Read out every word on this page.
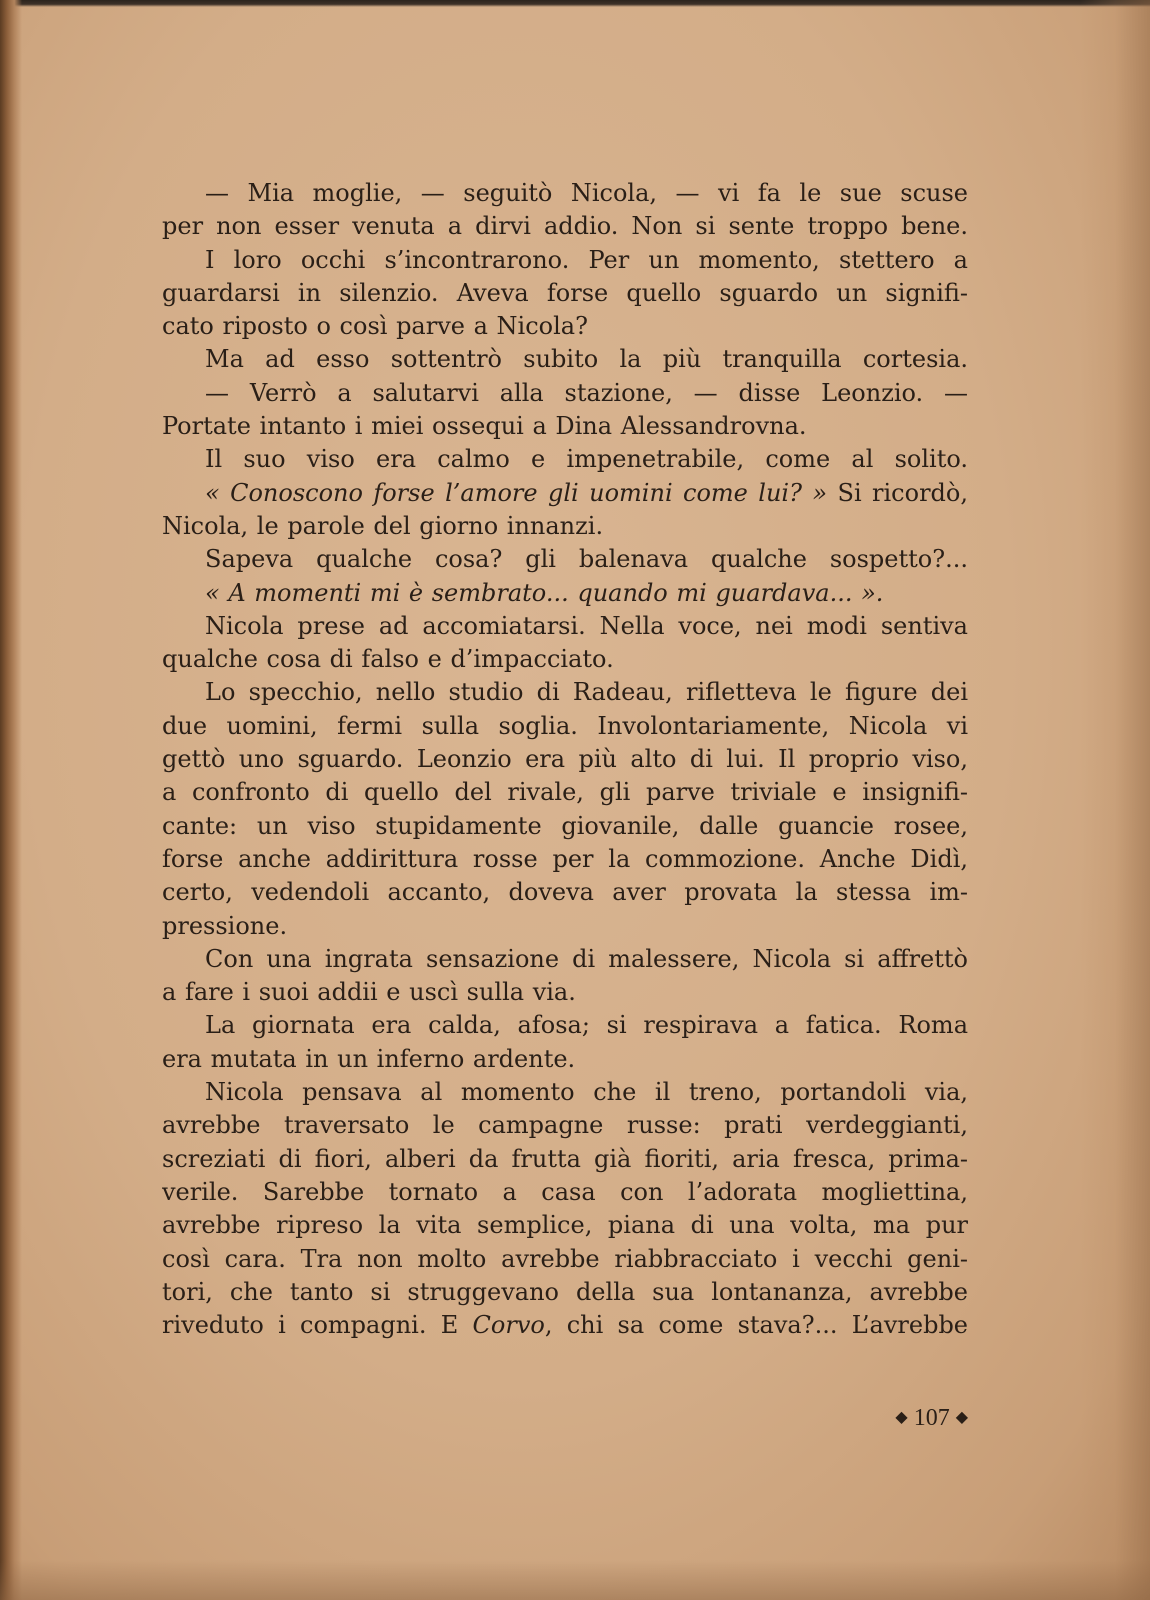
— Mia moglie, — seguitò Nicola, — vi fa le sue scuse
per non esser venuta a dirvi addio. Non si sente troppo bene.
I loro occhi s’incontrarono. Per un momento, stettero a
guardarsi in silenzio. Aveva forse quello sguardo un signifi-
cato riposto o così parve a Nicola?
Ma ad esso sottentrò subito la più tranquilla cortesia.
— Verrò a salutarvi alla stazione, — disse Leonzio. —
Portate intanto i miei ossequi a Dina Alessandrovna.
Il suo viso era calmo e impenetrabile, come al solito.
« Conoscono forse l’amore gli uomini come lui? » Si ricordò,
Nicola, le parole del giorno innanzi.
Sapeva qualche cosa? gli balenava qualche sospetto?...
« A momenti mi è sembrato... quando mi guardava... ».
Nicola prese ad accomiatarsi. Nella voce, nei modi sentiva
qualche cosa di falso e d’impacciato.
Lo specchio, nello studio di Radeau, rifletteva le figure dei
due uomini, fermi sulla soglia. Involontariamente, Nicola vi
gettò uno sguardo. Leonzio era più alto di lui. Il proprio viso,
a confronto di quello del rivale, gli parve triviale e insignifi-
cante: un viso stupidamente giovanile, dalle guancie rosee,
forse anche addirittura rosse per la commozione. Anche Didì,
certo, vedendoli accanto, doveva aver provata la stessa im-
pressione.
Con una ingrata sensazione di malessere, Nicola si affrettò
a fare i suoi addii e uscì sulla via.
La giornata era calda, afosa; si respirava a fatica. Roma
era mutata in un inferno ardente.
Nicola pensava al momento che il treno, portandoli via,
avrebbe traversato le campagne russe: prati verdeggianti,
screziati di fiori, alberi da frutta già fioriti, aria fresca, prima-
verile. Sarebbe tornato a casa con l’adorata mogliettina,
avrebbe ripreso la vita semplice, piana di una volta, ma pur
così cara. Tra non molto avrebbe riabbracciato i vecchi geni-
tori, che tanto si struggevano della sua lontananza, avrebbe
riveduto i compagni. E Corvo, chi sa come stava?... L’avrebbe
◆ 107 ◆
